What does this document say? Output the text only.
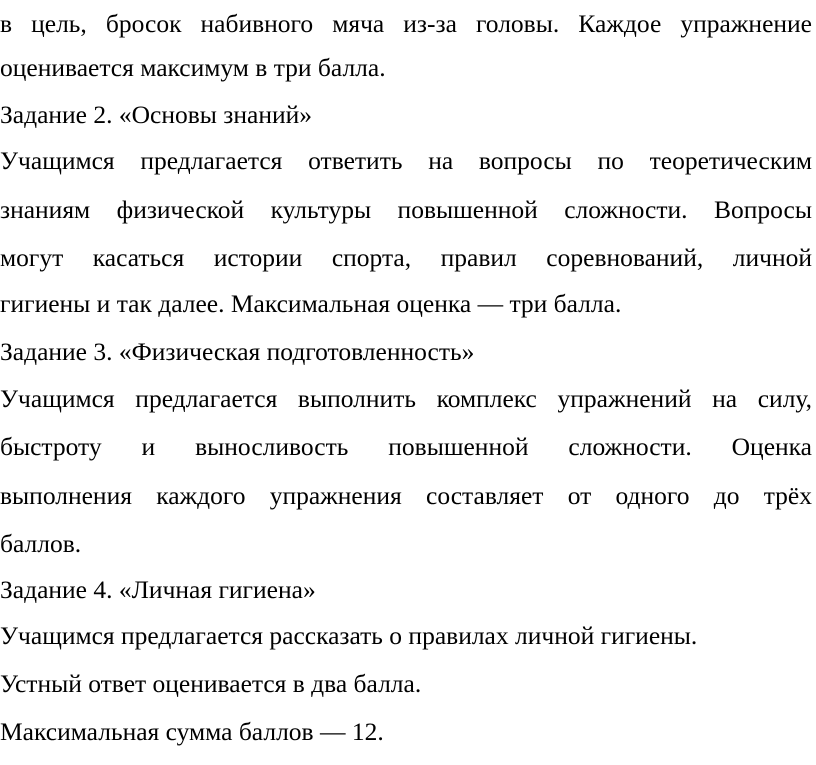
в цель, бросок набивного мяча из-за головы. Каждое упражнение
оценивается максимум в три балла.
Задание 2. «Основы знаний»
Учащимся предлагается ответить на вопросы по теоретическим
знаниям физической культуры повышенной сложности. Вопросы
могут касаться истории спорта, правил соревнований, личной
гигиены и так далее. Максимальная оценка — три балла.
Задание 3. «Физическая подготовленность»
Учащимся предлагается выполнить комплекс упражнений на силу,
быстроту и выносливость повышенной сложности. Оценка
выполнения каждого упражнения составляет от одного до трёх
баллов.
Задание 4. «Личная гигиена»
Учащимся предлагается рассказать о правилах личной гигиены.
Устный ответ оценивается в два балла.
Максимальная сумма баллов — 12.
